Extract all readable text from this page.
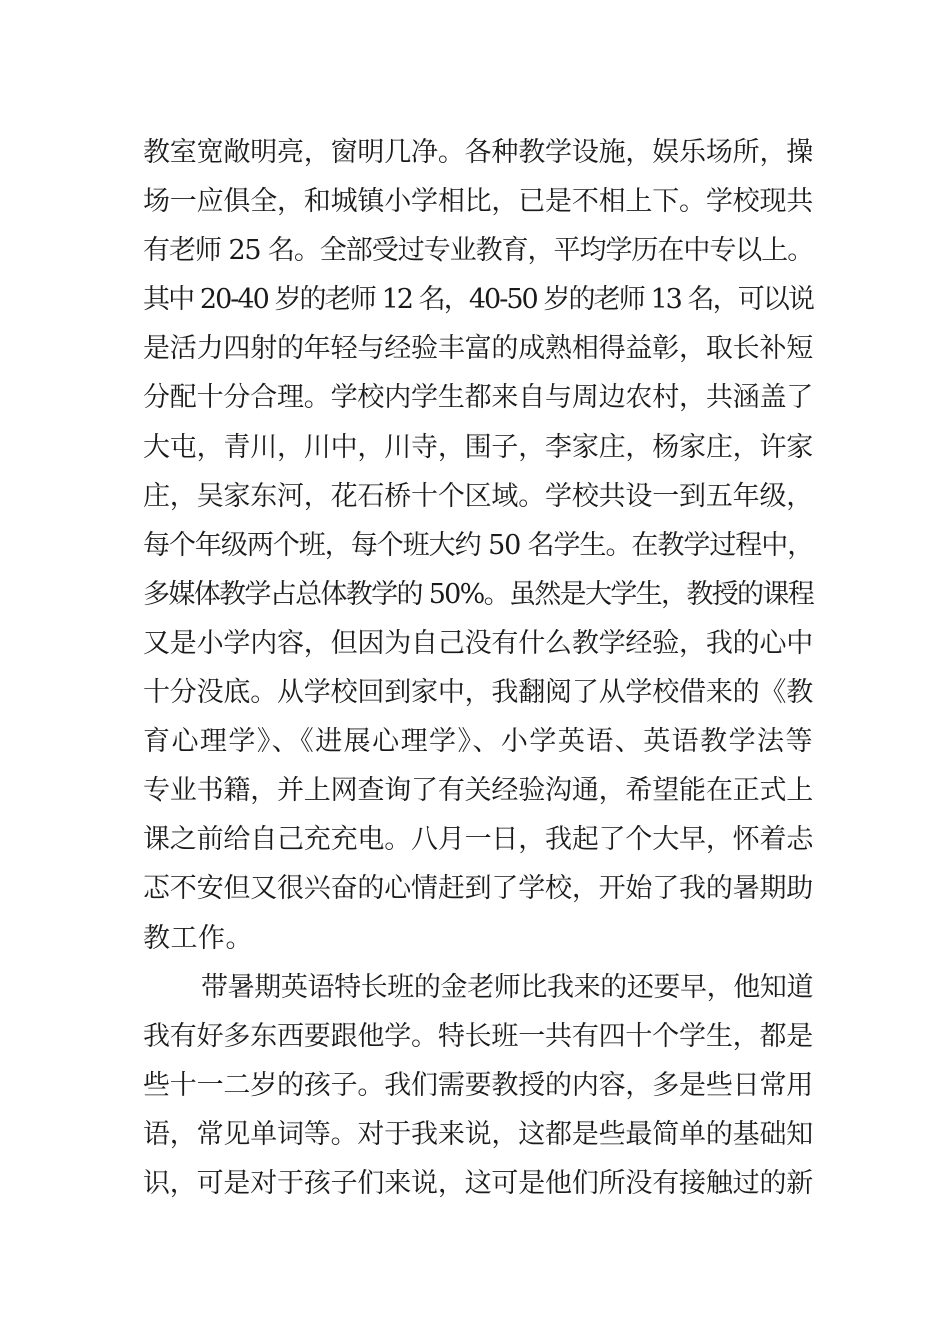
教室宽敞明亮，窗明几净。各种教学设施，娱乐场所，操
场一应俱全，和城镇小学相比，已是不相上下。学校现共
有老师 25 名。全部受过专业教育，平均学历在中专以上。
其中 20-40 岁的老师 12 名，40-50 岁的老师 13 名，可以说
是活力四射的年轻与经验丰富的成熟相得益彰，取长补短
分配十分合理。学校内学生都来自与周边农村，共涵盖了
大屯，青川，川中，川寺，围子，李家庄，杨家庄，许家
庄，吴家东河，花石桥十个区域。学校共设一到五年级，
每个年级两个班，每个班大约 50 名学生。在教学过程中，
多媒体教学占总体教学的 50%。虽然是大学生，教授的课程
又是小学内容，但因为自己没有什么教学经验，我的心中
十分没底。从学校回到家中，我翻阅了从学校借来的《教
育心理学》、《进展心理学》、小学英语、英语教学法等
专业书籍，并上网查询了有关经验沟通，希望能在正式上
课之前给自己充充电。八月一日，我起了个大早，怀着忐
忑不安但又很兴奋的心情赶到了学校，开始了我的暑期助
教工作。
带暑期英语特长班的金老师比我来的还要早，他知道
我有好多东西要跟他学。特长班一共有四十个学生，都是
些十一二岁的孩子。我们需要教授的内容，多是些日常用
语，常见单词等。对于我来说，这都是些最简单的基础知
识，可是对于孩子们来说，这可是他们所没有接触过的新
